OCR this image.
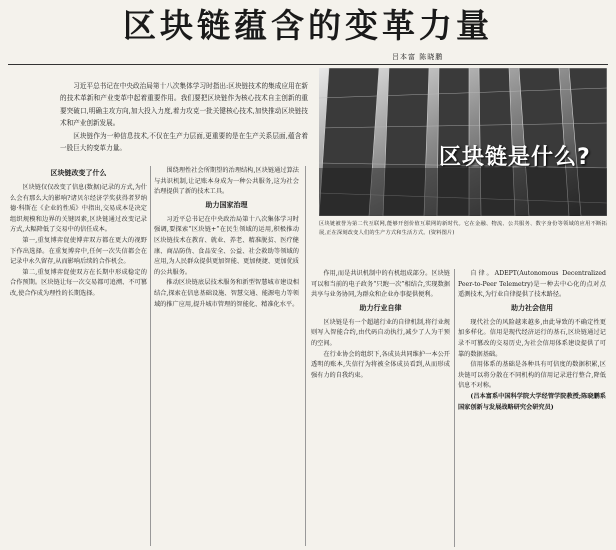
区块链蕴含的变革力量
吕本富 陈晓鹏

习近平总书记在中央政治局第十八次集体学习时指出:区块链技术的集成应用在新的技术革新和产业变革中起着重要作用。我们要把区块链作为核心技术自主创新的重要突破口,明确主攻方向,加大投入力度,着力攻克一批关键核心技术,加快推动区块链技术和产业创新发展。

区块链作为一种信息技术,不仅在生产力层面,更重要的是在生产关系层面,蕴含着一股巨大的变革力量。	区块链是什么?

区块链被誉为第二代互联网,能够开创价值互联网的新时代。它在金融、物流、公共服务、数字身份等领域的应用不断拓展,正在深刻改变人们的生产方式和生活方式。(资料图片)

区块链改变了什么

区块链仅仅改变了信息(数据)记录的方式,为什么会有那么大的影响?诸贝尔经济学奖获得者罗纳德·科斯在《企业的性质》中指出,交易成本是决定组织规模和边界的关键因素,区块链通过改变记录方式,大幅降低了交易中的信任成本。

第一,重复博弈促使博弈双方都在更大的视野下作出选择。在重复博弈中,任何一次失信都会在记录中永久留存,从而影响后续的合作机会。

第二,重复博弈促使双方在长期中形成稳定的合作预期。区块链让每一次交易都可追溯、不可篡改,使合作成为理性的长期选择。

围绕理性社会所期望的治理结构,区块链通过算法与共识机制,让记账本身成为一种公共服务,这为社会治理提供了新的技术工具。

助力国家治理

习近平总书记在中央政治局第十八次集体学习时强调,要探索“区块链+”在民生领域的运用,积极推动区块链技术在教育、就业、养老、精准脱贫、医疗健康、商品防伪、食品安全、公益、社会救助等领域的应用,为人民群众提供更加智能、更加便捷、更加优质的公共服务。

推动区块链底层技术服务和新型智慧城市建设相结合,探索在信息基础设施、智慧交通、能源电力等领域的推广应用,提升城市管理的智能化、精准化水平。

作用,而是共识机制中的有机组成部分。区块链可以和当前的电子政务“只跑一次”相结合,实现数据共享与业务协同,为群众和企业办事提供便利。

助力行业自律

区块链是有一个超越行业的自律机制,将行业规则写入智能合约,由代码自动执行,减少了人为干预的空间。

在行业协会的组织下,各成员共同维护一本公开透明的账本,失信行为将被全体成员看到,从而形成强有力的自我约束。

自律。ADEPT(Autonomous Decentralized Peer-to-Peer Telemetry)是一种去中心化的点对点遥测技术,为行业自律提供了技术路径。

助力社会信用

现代社会的风险越来越多,由此导致的不确定性更加多样化。信用是现代经济运行的基石,区块链通过记录不可篡改的交易历史,为社会信用体系建设提供了可靠的数据基础。

信用体系的基础是各种具有可信度的数据积累,区块链可以将分散在不同机构的信用记录进行整合,降低信息不对称。

(吕本富系中国科学院大学经管学院教授;陈晓鹏系国家创新与发展战略研究会研究员)
